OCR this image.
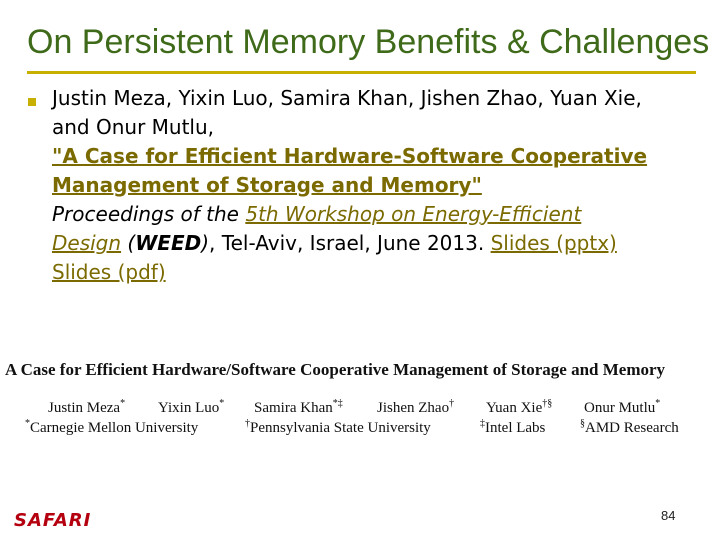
On Persistent Memory Benefits & Challenges
Justin Meza, Yixin Luo, Samira Khan, Jishen Zhao, Yuan Xie,
and Onur Mutlu,
"A Case for Efficient Hardware-Software Cooperative
Management of Storage and Memory"
Proceedings of the 5th Workshop on Energy-Efficient
Design (WEED), Tel-Aviv, Israel, June 2013. Slides (pptx)
Slides (pdf)
A Case for Efficient Hardware/Software Cooperative Management of Storage and Memory
Justin Meza* Yixin Luo* Samira Khan*‡ Jishen Zhao† Yuan Xie†§ Onur Mutlu*
*Carnegie Mellon University	†Pennsylvania State University	‡Intel Labs	§AMD Research
SAFARI	84
